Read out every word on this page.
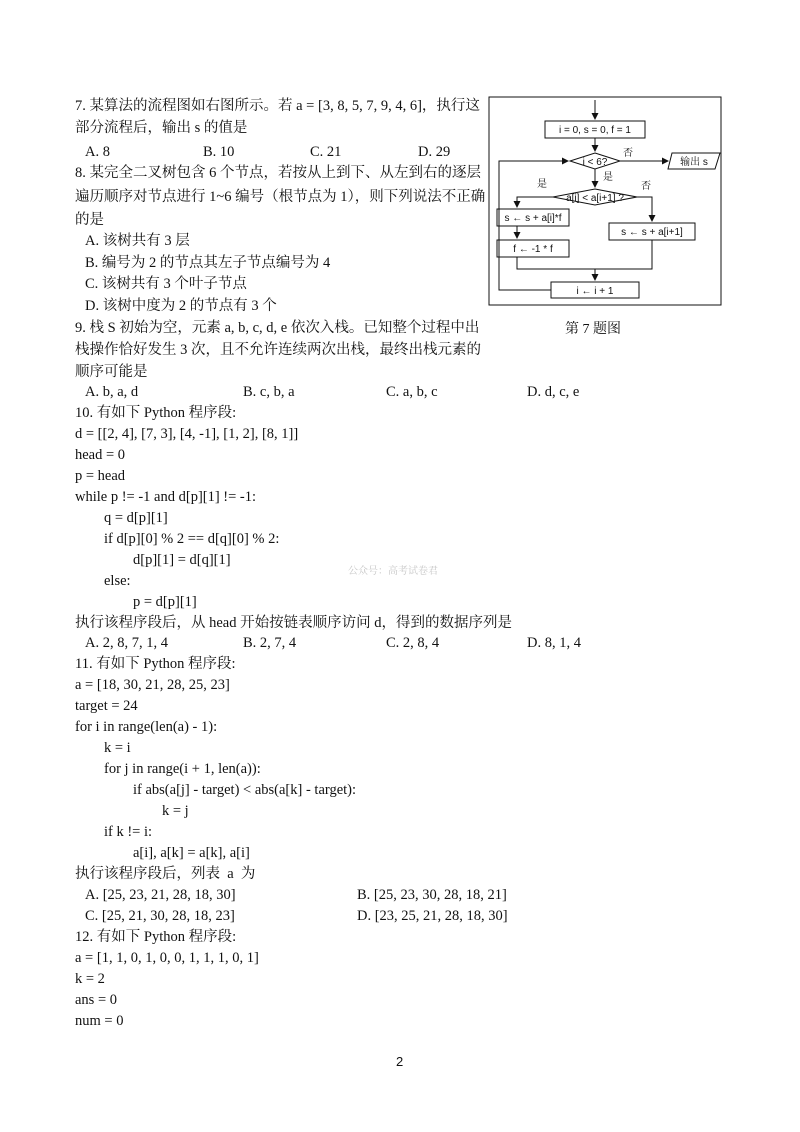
7. 某算法的流程图如右图所示。若 a = [3, 8, 5, 7, 9, 4, 6]，执行这
部分流程后，输出 s 的值是
A. 8	B. 10	C. 21	D. 29
8. 某完全二叉树包含 6 个节点，若按从上到下、从左到右的逐层
遍历顺序对节点进行 1~6 编号（根节点为 1），则下列说法不正确
的是
A. 该树共有 3 层
B. 编号为 2 的节点其左子节点编号为 4
C. 该树共有 3 个叶子节点
D. 该树中度为 2 的节点有 3 个
9. 栈 S 初始为空，元素 a, b, c, d, e 依次入栈。已知整个过程中出
栈操作恰好发生 3 次，且不允许连续两次出栈，最终出栈元素的
顺序可能是
A. b, a, d	B. c, b, a	C. a, b, c	D. d, c, e
10. 有如下 Python 程序段:
d = [[2, 4], [7, 3], [4, -1], [1, 2], [8, 1]]
head = 0
p = head
while p != -1 and d[p][1] != -1:
q = d[p][1]
if d[p][0] % 2 == d[q][0] % 2:
d[p][1] = d[q][1]
else:
p = d[p][1]
公众号：高考试卷君
执行该程序段后，从 head 开始按链表顺序访问 d，得到的数据序列是
A. 2, 8, 7, 1, 4	B. 2, 7, 4	C. 2, 8, 4	D. 8, 1, 4
11. 有如下 Python 程序段:
a = [18, 30, 21, 28, 25, 23]
target = 24
for i in range(len(a) - 1):
k = i
for j in range(i + 1, len(a)):
if abs(a[j] - target) < abs(a[k] - target):
k = j
if k != i:
a[i], a[k] = a[k], a[i]
执行该程序段后，列表  a  为
A. [25, 23, 21, 28, 18, 30]	B. [25, 23, 30, 28, 18, 21]
C. [25, 21, 30, 28, 18, 23]	D. [23, 25, 21, 28, 18, 30]
12. 有如下 Python 程序段:
a = [1, 1, 0, 1, 0, 0, 1, 1, 1, 0, 1]
k = 2
ans = 0
num = 0
i = 0, s = 0, f = 1
i < 6?
否
输出 s
是
是
a[i] < a[i+1] ?
否
s ← s + a[i]*f
f ← -1 * f
s ← s + a[i+1]
i ← i + 1
第 7 题图
2
